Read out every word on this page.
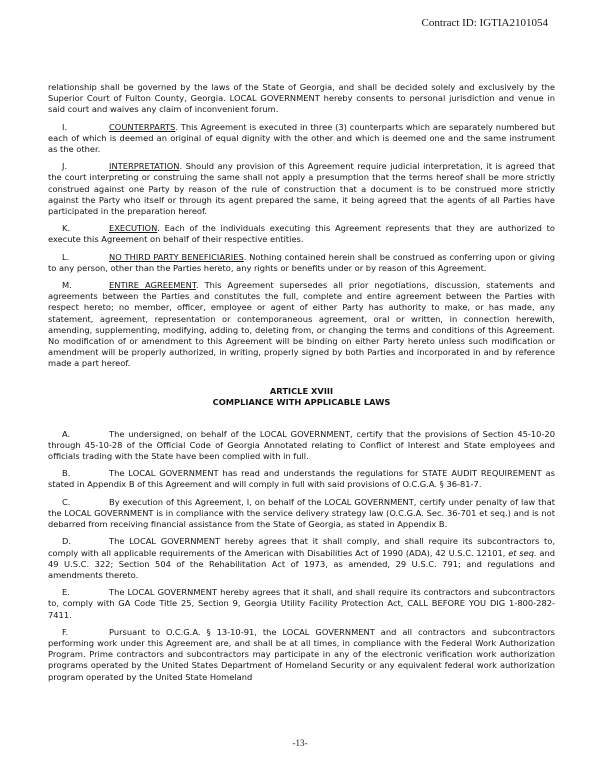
Contract ID: IGTIA2101054

relationship shall be governed by the laws of the State of Georgia, and shall be decided solely and exclusively by the Superior Court of Fulton County, Georgia. LOCAL GOVERNMENT hereby consents to personal jurisdiction and venue in said court and waives any claim of inconvenient forum.

I.	COUNTERPARTS. This Agreement is executed in three (3) counterparts which are separately numbered but each of which is deemed an original of equal dignity with the other and which is deemed one and the same instrument as the other.

J.	INTERPRETATION. Should any provision of this Agreement require judicial interpretation, it is agreed that the court interpreting or construing the same shall not apply a presumption that the terms hereof shall be more strictly construed against one Party by reason of the rule of construction that a document is to be construed more strictly against the Party who itself or through its agent prepared the same, it being agreed that the agents of all Parties have participated in the preparation hereof.

K.	EXECUTION. Each of the individuals executing this Agreement represents that they are authorized to execute this Agreement on behalf of their respective entities.

L.	NO THIRD PARTY BENEFICIARIES. Nothing contained herein shall be construed as conferring upon or giving to any person, other than the Parties hereto, any rights or benefits under or by reason of this Agreement.

M.	ENTIRE AGREEMENT. This Agreement supersedes all prior negotiations, discussion, statements and agreements between the Parties and constitutes the full, complete and entire agreement between the Parties with respect hereto; no member, officer, employee or agent of either Party has authority to make, or has made, any statement, agreement, representation or contemporaneous agreement, oral or written, in connection herewith, amending, supplementing, modifying, adding to, deleting from, or changing the terms and conditions of this Agreement. No modification of or amendment to this Agreement will be binding on either Party hereto unless such modification or amendment will be properly authorized, in writing, properly signed by both Parties and incorporated in and by reference made a part hereof.

ARTICLE XVIII
COMPLIANCE WITH APPLICABLE LAWS

A.	The undersigned, on behalf of the LOCAL GOVERNMENT, certify that the provisions of Section 45-10-20 through 45-10-28 of the Official Code of Georgia Annotated relating to Conflict of Interest and State employees and officials trading with the State have been complied with in full.

B.	The LOCAL GOVERNMENT has read and understands the regulations for STATE AUDIT REQUIREMENT as stated in Appendix B of this Agreement and will comply in full with said provisions of O.C.G.A. § 36-81-7.

C.	By execution of this Agreement, I, on behalf of the LOCAL GOVERNMENT, certify under penalty of law that the LOCAL GOVERNMENT is in compliance with the service delivery strategy law (O.C.G.A. Sec. 36-701 et seq.) and is not debarred from receiving financial assistance from the State of Georgia, as stated in Appendix B.

D.	The LOCAL GOVERNMENT hereby agrees that it shall comply, and shall require its subcontractors to, comply with all applicable requirements of the American with Disabilities Act of 1990 (ADA), 42 U.S.C. 12101, et seq. and 49 U.S.C. 322; Section 504 of the Rehabilitation Act of 1973, as amended, 29 U.S.C. 791; and regulations and amendments thereto.

E.	The LOCAL GOVERNMENT hereby agrees that it shall, and shall require its contractors and subcontractors to, comply with GA Code Title 25, Section 9, Georgia Utility Facility Protection Act, CALL BEFORE YOU DIG 1-800-282-7411.

F.	Pursuant to O.C.G.A. § 13-10-91, the LOCAL GOVERNMENT and all contractors and subcontractors performing work under this Agreement are, and shall be at all times, in compliance with the Federal Work Authorization Program. Prime contractors and subcontractors may participate in any of the electronic verification work authorization programs operated by the United States Department of Homeland Security or any equivalent federal work authorization program operated by the United State Homeland

-13-
